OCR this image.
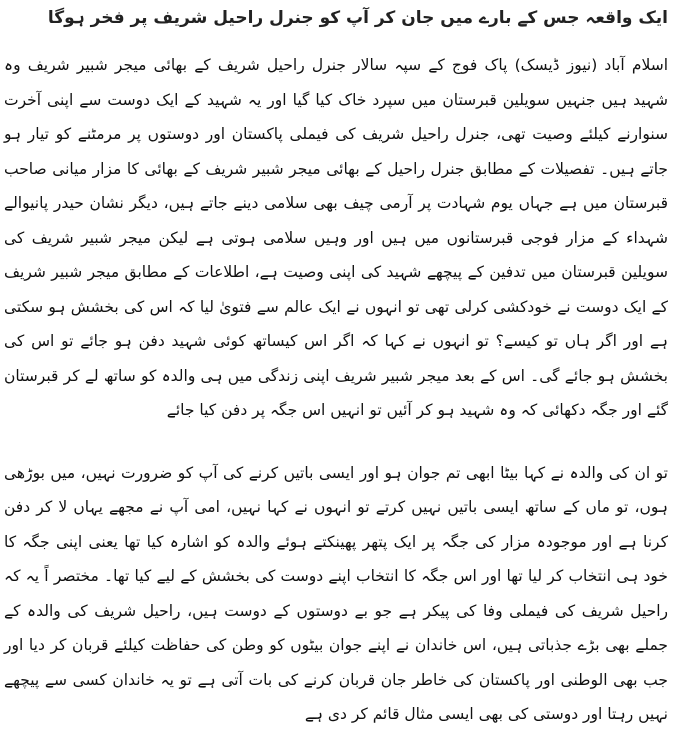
ایک واقعہ جس کے بارے میں جان کر آپ کو جنرل راحیل شریف پر فخر ہوگا

اسلام آباد (نیوز ڈیسک) پاک فوج کے سپہ سالار جنرل راحیل شریف کے بھائی میجر شبیر شریف وہ شہید ہیں جنہیں سویلین قبرستان میں سپرد خاک کیا گیا اور یہ شہید کے ایک دوست سے اپنی آخرت سنوارنے کیلئے وصیت تھی، جنرل راحیل شریف کی فیملی پاکستان اور دوستوں پر مرمٹنے کو تیار ہو جاتے ہیں۔ تفصیلات کے مطابق جنرل راحیل کے بھائی میجر شبیر شریف کے بھائی کا مزار میانی صاحب قبرستان میں ہے جہاں یوم شہادت پر آرمی چیف بھی سلامی دینے جاتے ہیں، دیگر نشان حیدر پانیوالے شہداء کے مزار فوجی قبرستانوں میں ہیں اور وہیں سلامی ہوتی ہے لیکن میجر شبیر شریف کی سویلین قبرستان میں تدفین کے پیچھے شہید کی اپنی وصیت ہے، اطلاعات کے مطابق میجر شبیر شریف کے ایک دوست نے خودکشی کرلی تھی تو انہوں نے ایک عالم سے فتویٰ لیا کہ اس کی بخشش ہو سکتی ہے اور اگر ہاں تو کیسے؟ تو انہوں نے کہا کہ اگر اس کیساتھ کوئی شہید دفن ہو جائے تو اس کی بخشش ہو جائے گی۔ اس کے بعد میجر شبیر شریف اپنی زندگی میں ہی والدہ کو ساتھ لے کر قبرستان گئے اور جگہ دکھائی کہ وہ شہید ہو کر آئیں تو انہیں اس جگہ پر دفن کیا جائے

تو ان کی والدہ نے کہا بیٹا ابھی تم جوان ہو اور ایسی باتیں کرنے کی آپ کو ضرورت نہیں، میں بوڑھی ہوں، تو ماں کے ساتھ ایسی باتیں نہیں کرتے تو انہوں نے کہا نہیں، امی آپ نے مجھے یہاں لا کر دفن کرنا ہے اور موجودہ مزار کی جگہ پر ایک پتھر پھینکتے ہوئے والدہ کو اشارہ کیا تھا یعنی اپنی جگہ کا خود ہی انتخاب کر لیا تھا اور اس جگہ کا انتخاب اپنے دوست کی بخشش کے لیے کیا تھا۔ مختصر اً یہ کہ راحیل شریف کی فیملی وفا کی پیکر ہے جو بے دوستوں کے دوست ہیں، راحیل شریف کی والدہ کے جملے بھی بڑے جذباتی ہیں، اس خاندان نے اپنے جوان بیٹوں کو وطن کی حفاظت کیلئے قربان کر دیا اور جب بھی الوطنی اور پاکستان کی خاطر جان قربان کرنے کی بات آتی ہے تو یہ خاندان کسی سے پیچھے نہیں رہتا اور دوستی کی بھی ایسی مثال قائم کر دی ہے
